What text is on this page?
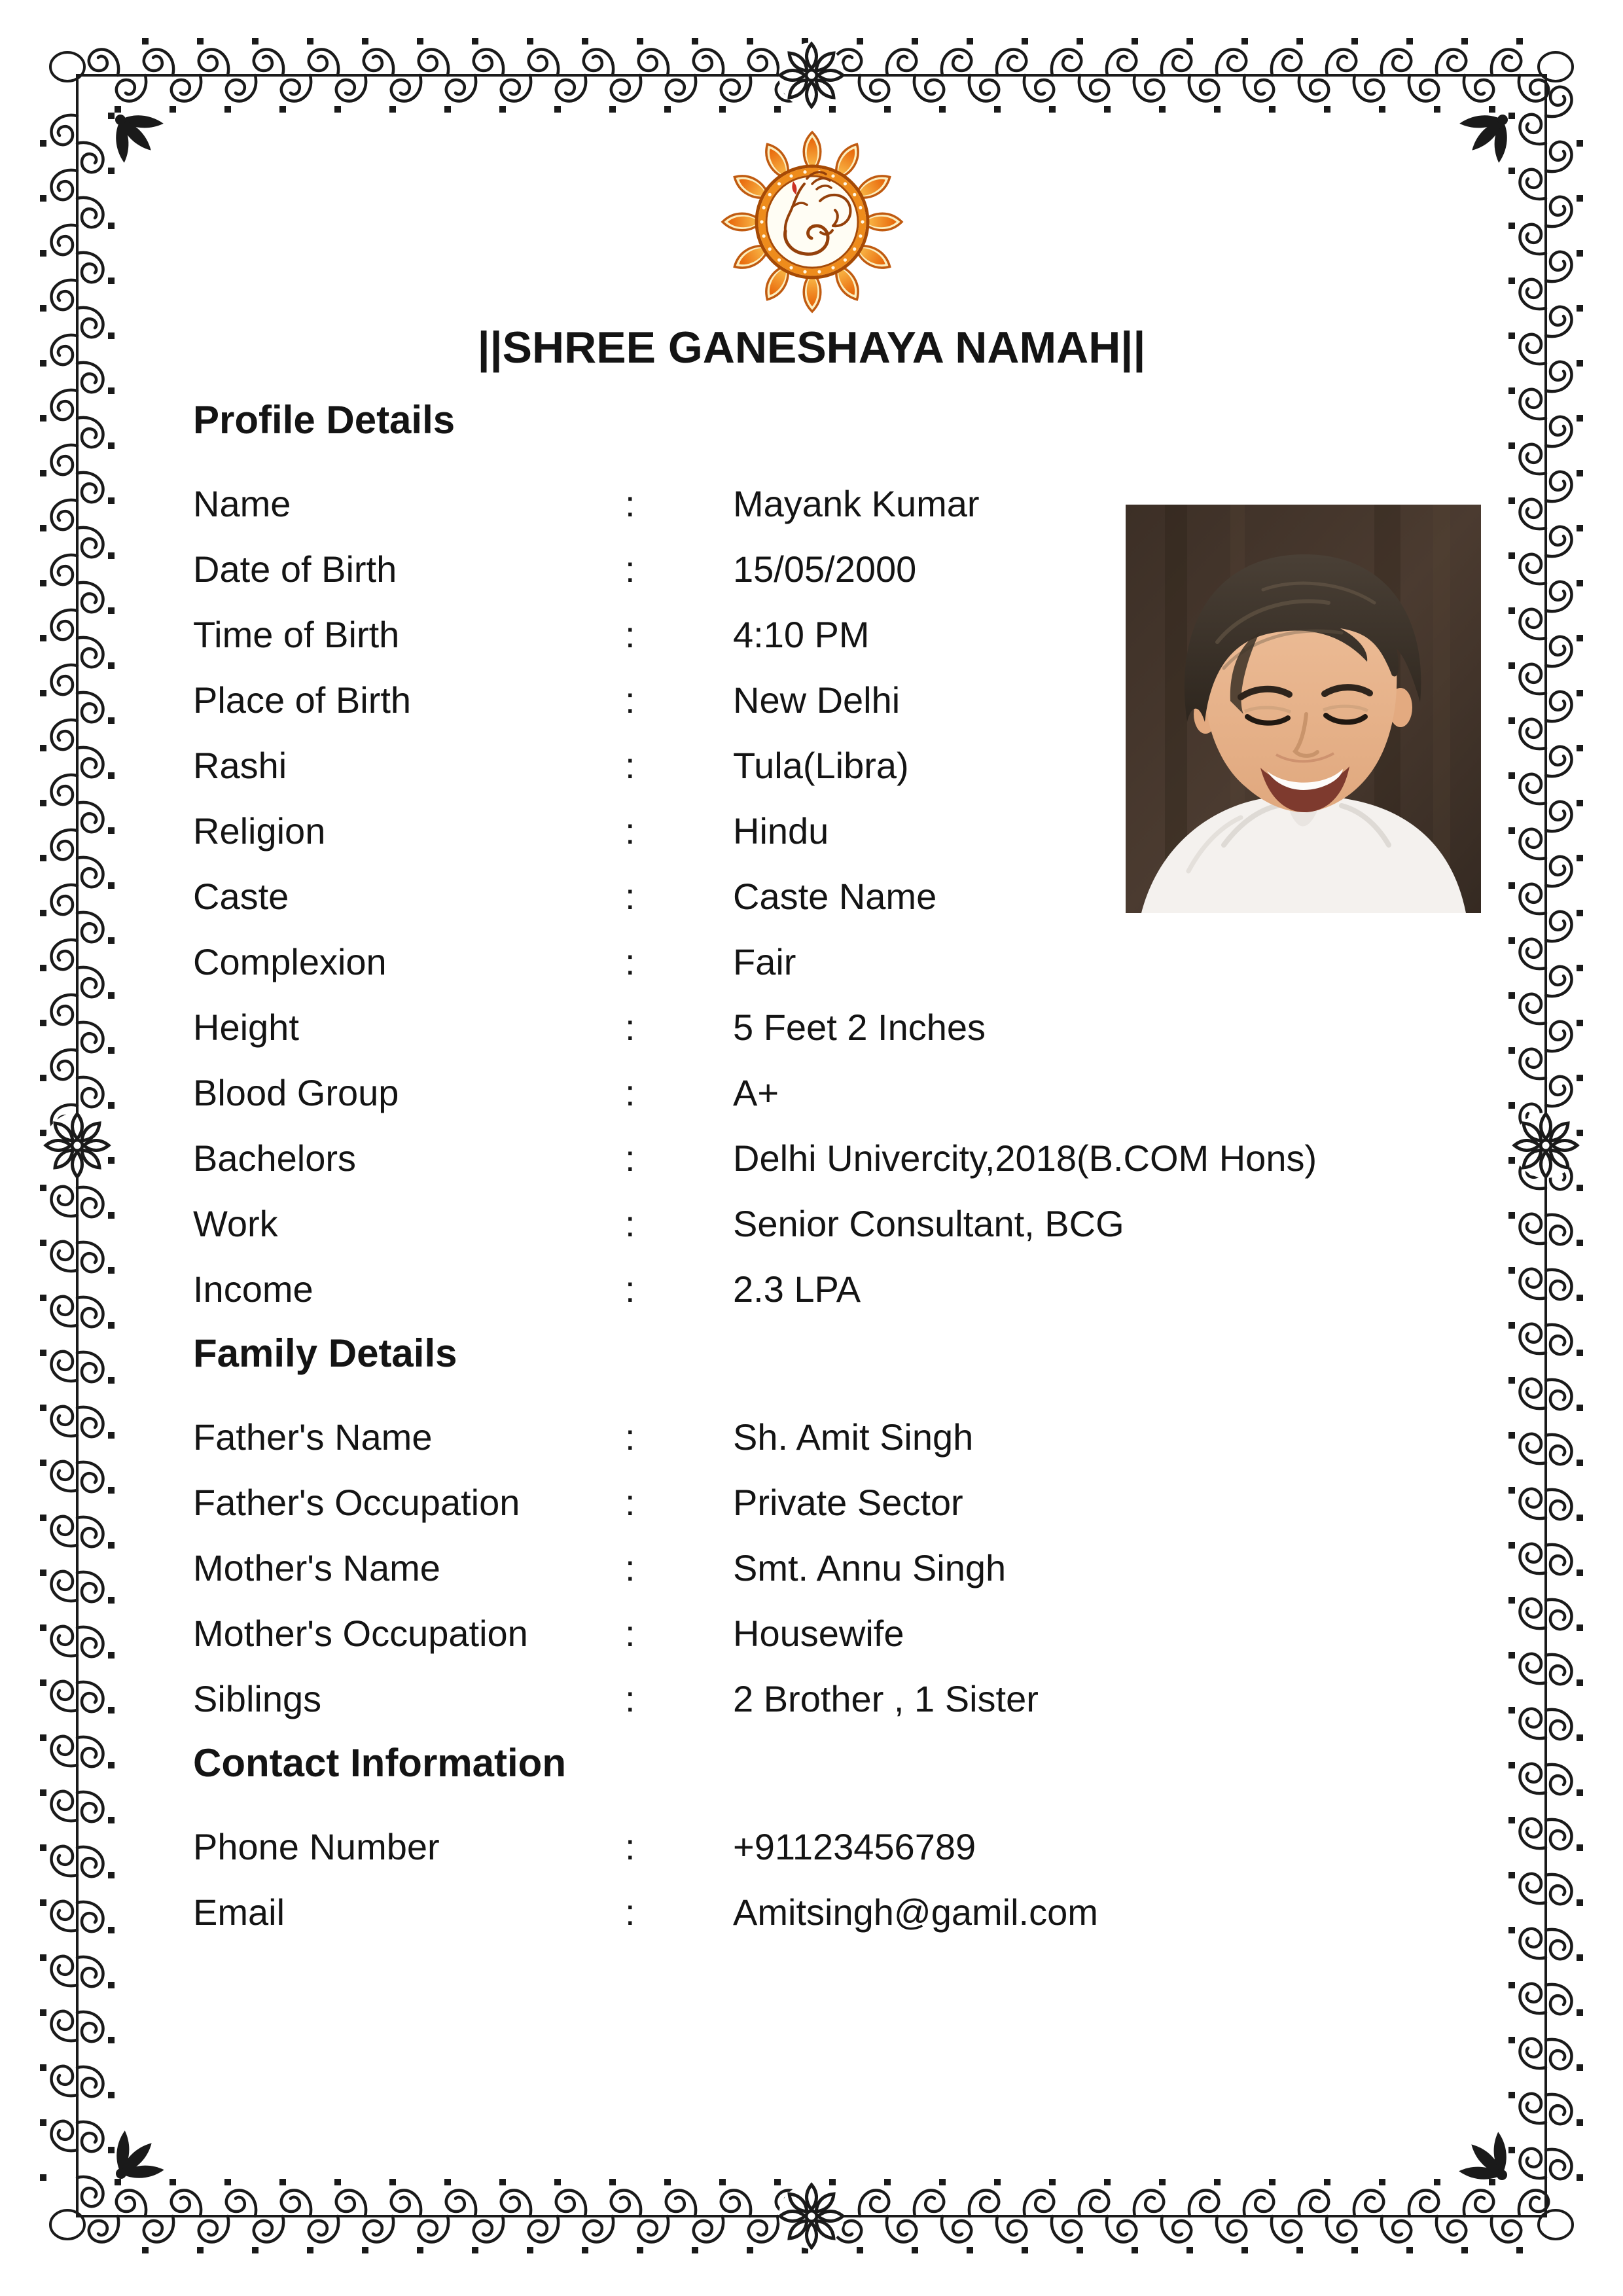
||SHREE GANESHAYA NAMAH||
Profile Details
Name	:	Mayank Kumar
Date of Birth	:	15/05/2000
Time of Birth	:	4:10 PM
Place of Birth	:	New Delhi
Rashi	:	Tula(Libra)
Religion	:	Hindu
Caste	:	Caste Name
Complexion	:	Fair
Height	:	5 Feet 2 Inches
Blood Group	:	A+
Bachelors	:	Delhi Univercity,2018(B.COM Hons)
Work	:	Senior Consultant, BCG
Income	:	2.3 LPA
Family Details
Father's Name	:	Sh. Amit Singh
Father's Occupation	:	Private Sector
Mother's Name	:	Smt. Annu Singh
Mother's Occupation	:	Housewife
Siblings	:	2 Brother , 1 Sister
Contact Information
Phone Number	:	+91123456789
Email	:	Amitsingh@gamil.com
